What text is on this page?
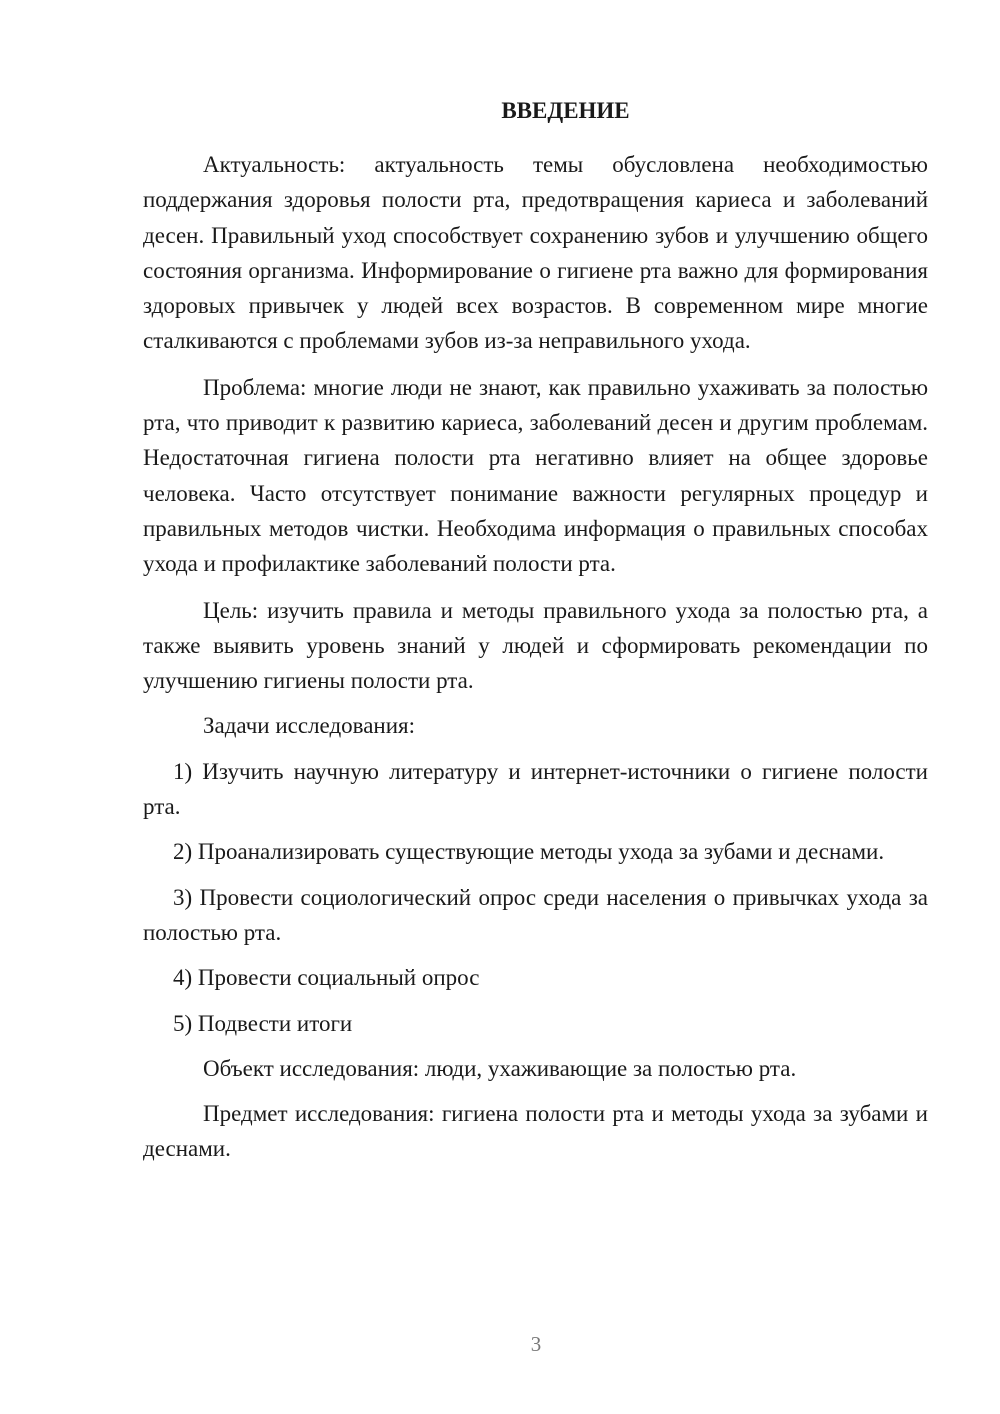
ВВЕДЕНИЕ

Актуальность: актуальность темы обусловлена необходимостью поддержания здоровья полости рта, предотвращения кариеса и заболеваний десен. Правильный уход способствует сохранению зубов и улучшению общего состояния организма. Информирование о гигиене рта важно для формирования здоровых привычек у людей всех возрастов. В современном мире многие сталкиваются с проблемами зубов из-за неправильного ухода.

Проблема: многие люди не знают, как правильно ухаживать за полостью рта, что приводит к развитию кариеса, заболеваний десен и другим проблемам. Недостаточная гигиена полости рта негативно влияет на общее здоровье человека. Часто отсутствует понимание важности регулярных процедур и правильных методов чистки. Необходима информация о правильных способах ухода и профилактике заболеваний полости рта.

Цель: изучить правила и методы правильного ухода за полостью рта, а также выявить уровень знаний у людей и сформировать рекомендации по улучшению гигиены полости рта.

Задачи исследования:

1) Изучить научную литературу и интернет-источники о гигиене полости рта.

2) Проанализировать существующие методы ухода за зубами и деснами.

3) Провести социологический опрос среди населения о привычках ухода за полостью рта.

4) Провести социальный опрос

5) Подвести итоги

Объект исследования: люди, ухаживающие за полостью рта.

Предмет исследования: гигиена полости рта и методы ухода за зубами и деснами.

3
